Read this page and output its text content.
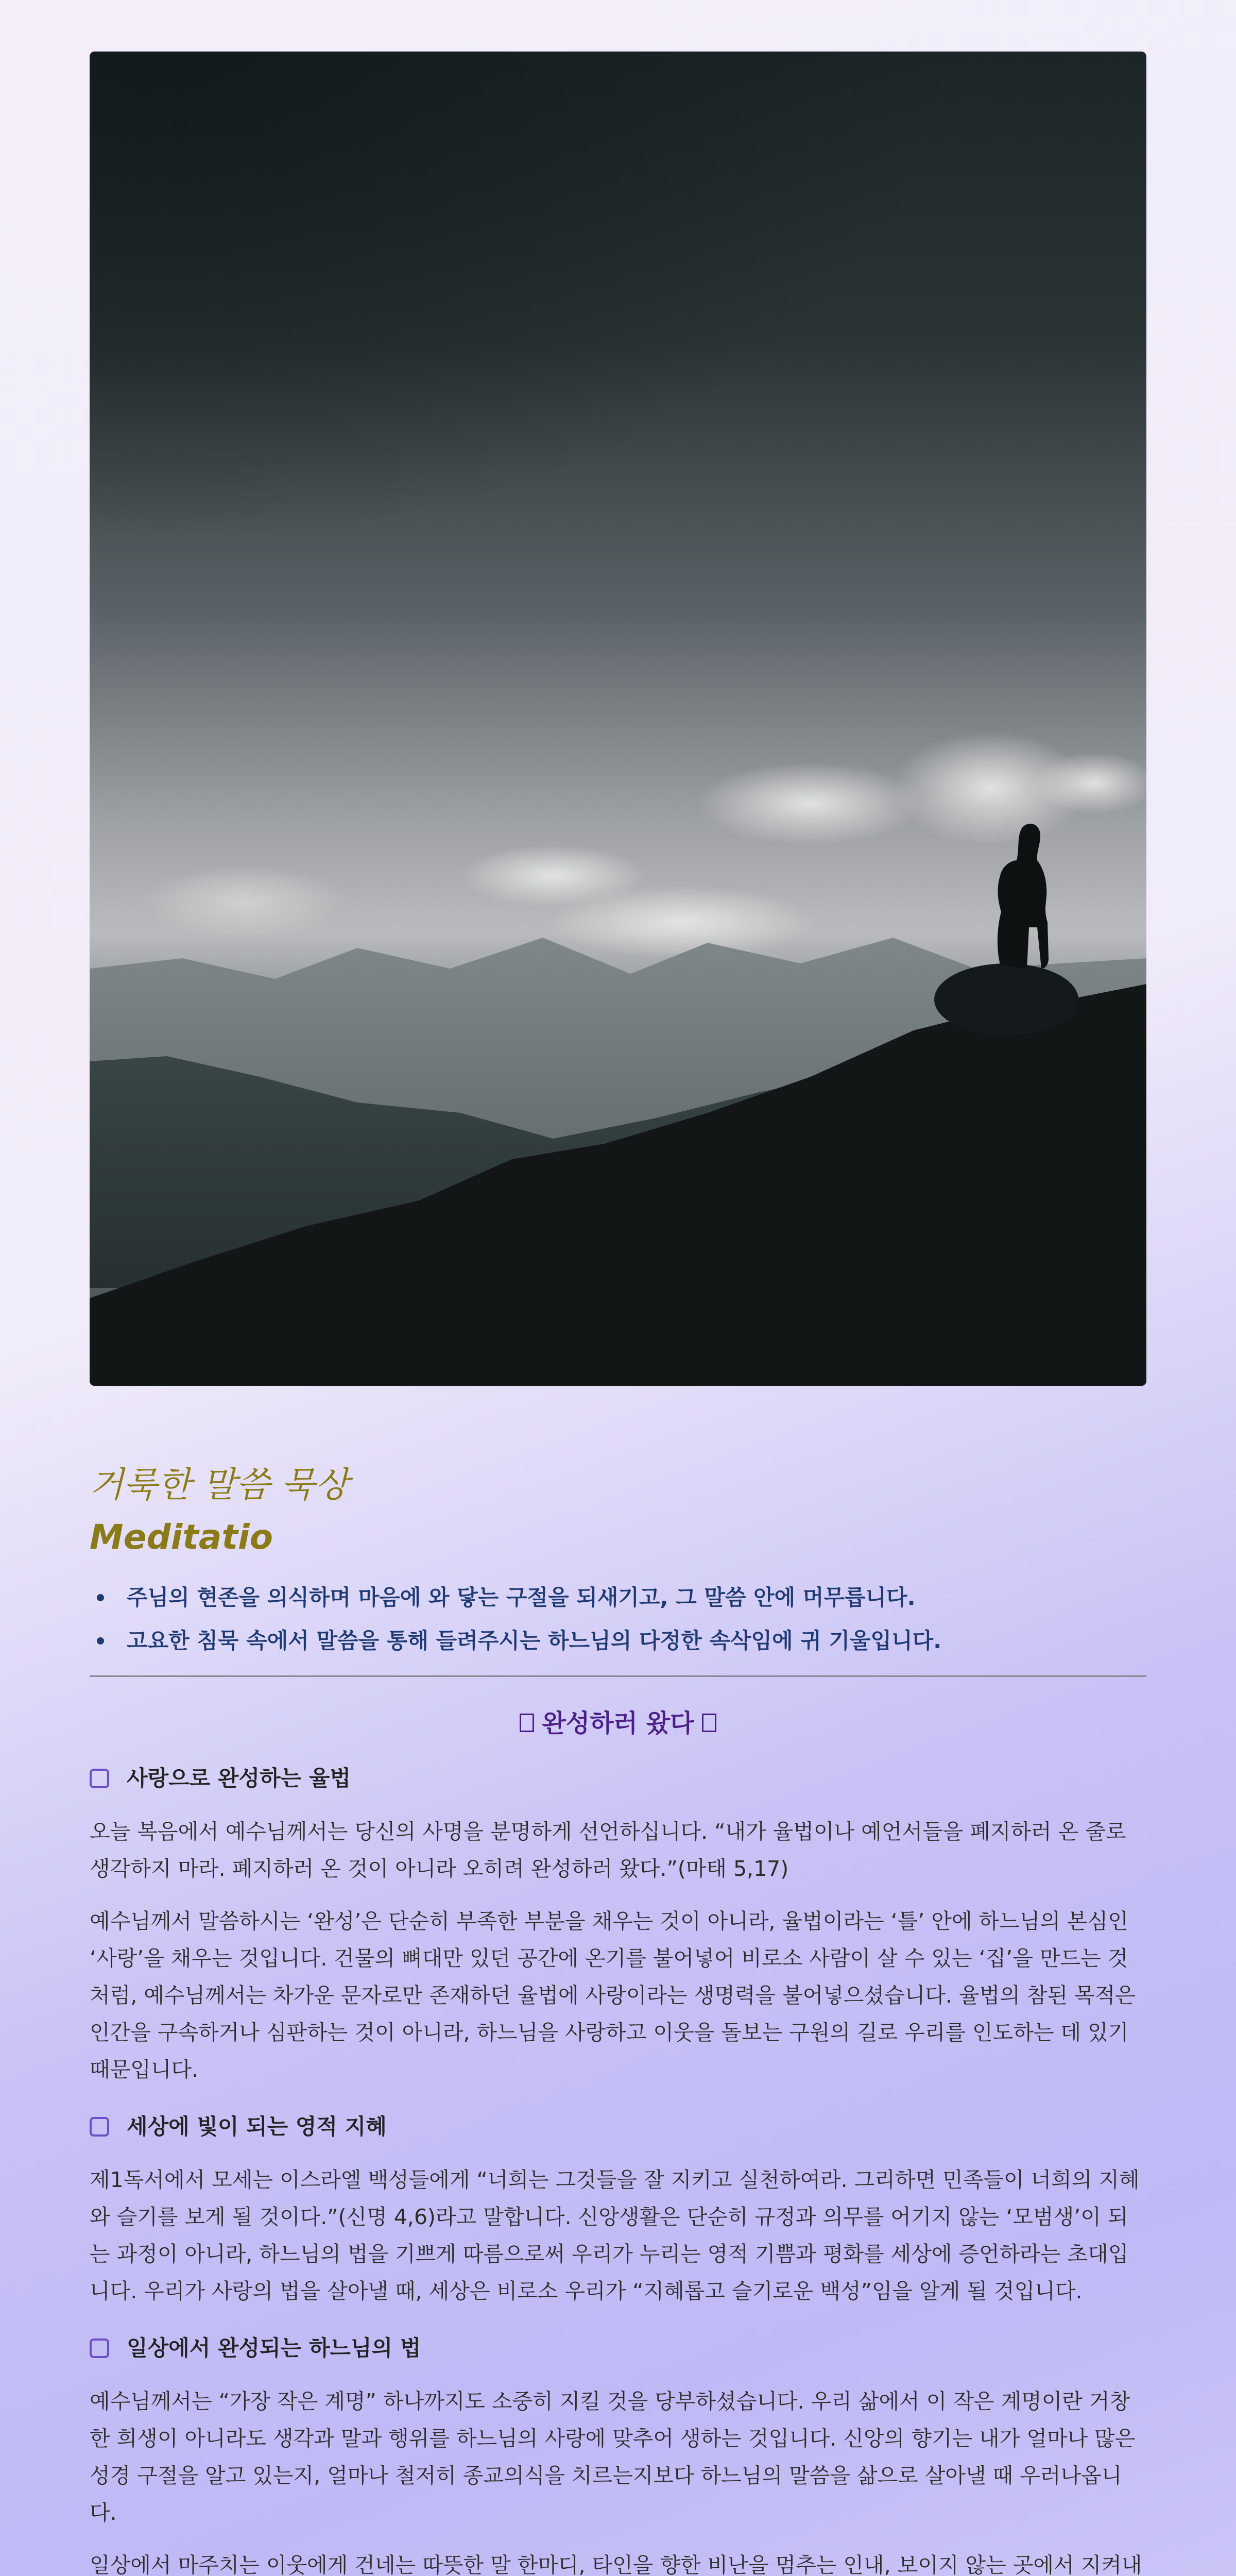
거룩한 말씀 묵상
Meditatio
주님의 현존을 의식하며 마음에 와 닿는 구절을 되새기고, 그 말씀 안에 머무릅니다.
고요한 침묵 속에서 말씀을 통해 들려주시는 하느님의 다정한 속삭임에 귀 기울입니다.
완성하러 왔다
사랑으로 완성하는 율법

오늘 복음에서 예수님께서는 당신의 사명을 분명하게 선언하십니다. “내가 율법이나 예언서들을 폐지하러 온 줄로 생각하지 마라. 폐지하러 온 것이 아니라 오히려 완성하러 왔다.”(마태 5,17)

예수님께서 말씀하시는 ‘완성’은 단순히 부족한 부분을 채우는 것이 아니라, 율법이라는 ‘틀’ 안에 하느님의 본심인 ‘사랑’을 채우는 것입니다. 건물의 뼈대만 있던 공간에 온기를 불어넣어 비로소 사람이 살 수 있는 ‘집’을 만드는 것처럼, 예수님께서는 차가운 문자로만 존재하던 율법에 사랑이라는 생명력을 불어넣으셨습니다. 율법의 참된 목적은 인간을 구속하거나 심판하는 것이 아니라, 하느님을 사랑하고 이웃을 돌보는 구원의 길로 우리를 인도하는 데 있기 때문입니다.

세상에 빛이 되는 영적 지혜

제1독서에서 모세는 이스라엘 백성들에게 “너희는 그것들을 잘 지키고 실천하여라. 그리하면 민족들이 너희의 지혜와 슬기를 보게 될 것이다.”(신명 4,6)라고 말합니다. 신앙생활은 단순히 규정과 의무를 어기지 않는 ‘모범생’이 되는 과정이 아니라, 하느님의 법을 기쁘게 따름으로써 우리가 누리는 영적 기쁨과 평화를 세상에 증언하라는 초대입니다. 우리가 사랑의 법을 살아낼 때, 세상은 비로소 우리가 “지혜롭고 슬기로운 백성”임을 알게 될 것입니다.

일상에서 완성되는 하느님의 법

예수님께서는 “가장 작은 계명” 하나까지도 소중히 지킬 것을 당부하셨습니다. 우리 삶에서 이 작은 계명이란 거창한 희생이 아니라도 생각과 말과 행위를 하느님의 사랑에 맞추어 생하는 것입니다. 신앙의 향기는 내가 얼마나 많은 성경 구절을 알고 있는지, 얼마나 철저히 종교의식을 치르는지보다 하느님의 말씀을 삶으로 살아낼 때 우러나옵니다.

일상에서 마주치는 이웃에게 건네는 따뜻한 말 한마디, 타인을 향한 비난을 멈추는 인내, 보이지 않는 곳에서 지켜내
